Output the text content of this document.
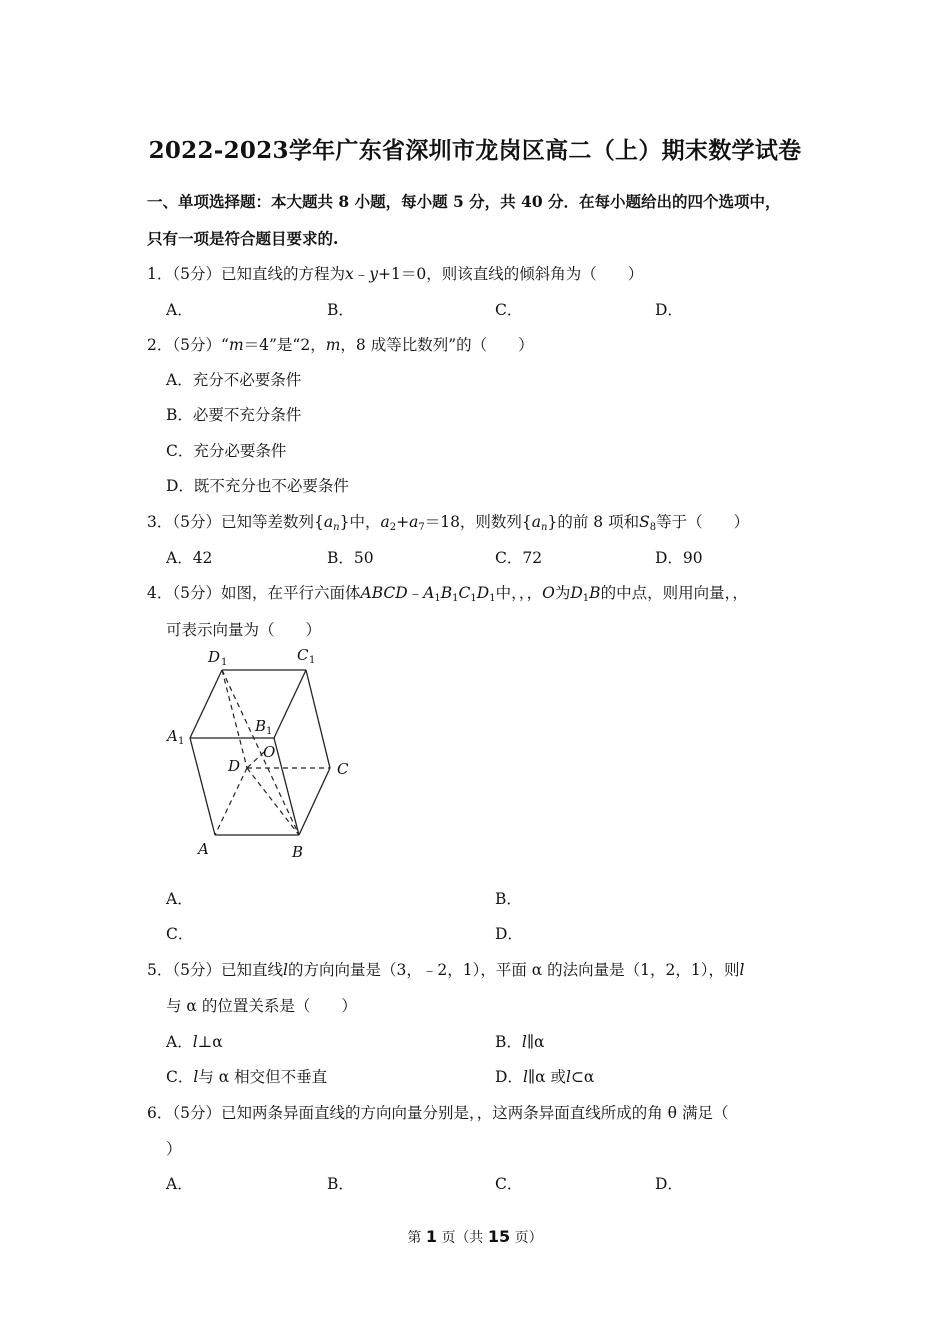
2022-2023学年广东省深圳市龙岗区高二（上）期末数学试卷
一、单项选择题：本大题共 8 小题，每小题 5 分，共 40 分．在每小题给出的四个选项中，
只有一项是符合题目要求的.
1．（5分）已知直线的方程为x﹣y+1＝0，则该直线的倾斜角为（　　）
A．	B．	C．	D．
2．（5分）“m＝4”是“2，m，8 成等比数列”的（　　）
A．充分不必要条件
B．必要不充分条件
C．充分必要条件
D．既不充分也不必要条件
3．（5分）已知等差数列$\{a_n\}$中，$a_2+a_7=18$，则数列$\{a_n\}$的前 8 项和$S_8$等于（　　）
A．42	B．50	C．72	D．90
4．（5分）如图，在平行六面体$ABCD﹣A_1B_1C_1D_1$中，，，O为$D_1B$的中点，则用向量，，
可表示向量为（　　）
D 1	C 1
A 1
B 1
O
D	C
A	B
A．	B．
C．	D．
5．（5分）已知直线l的方向向量是（3，﹣2，1），平面 α 的法向量是（1，2，1），则l
与 α 的位置关系是（　　）
A．l⊥α	B．l∥α
C．l与 α 相交但不垂直	D．l∥α 或l⊂α
6．（5分）已知两条异面直线的方向向量分别是，，这两条异面直线所成的角 θ 满足（
）
A．	B．	C．	D．
第 1 页（共 15 页）
